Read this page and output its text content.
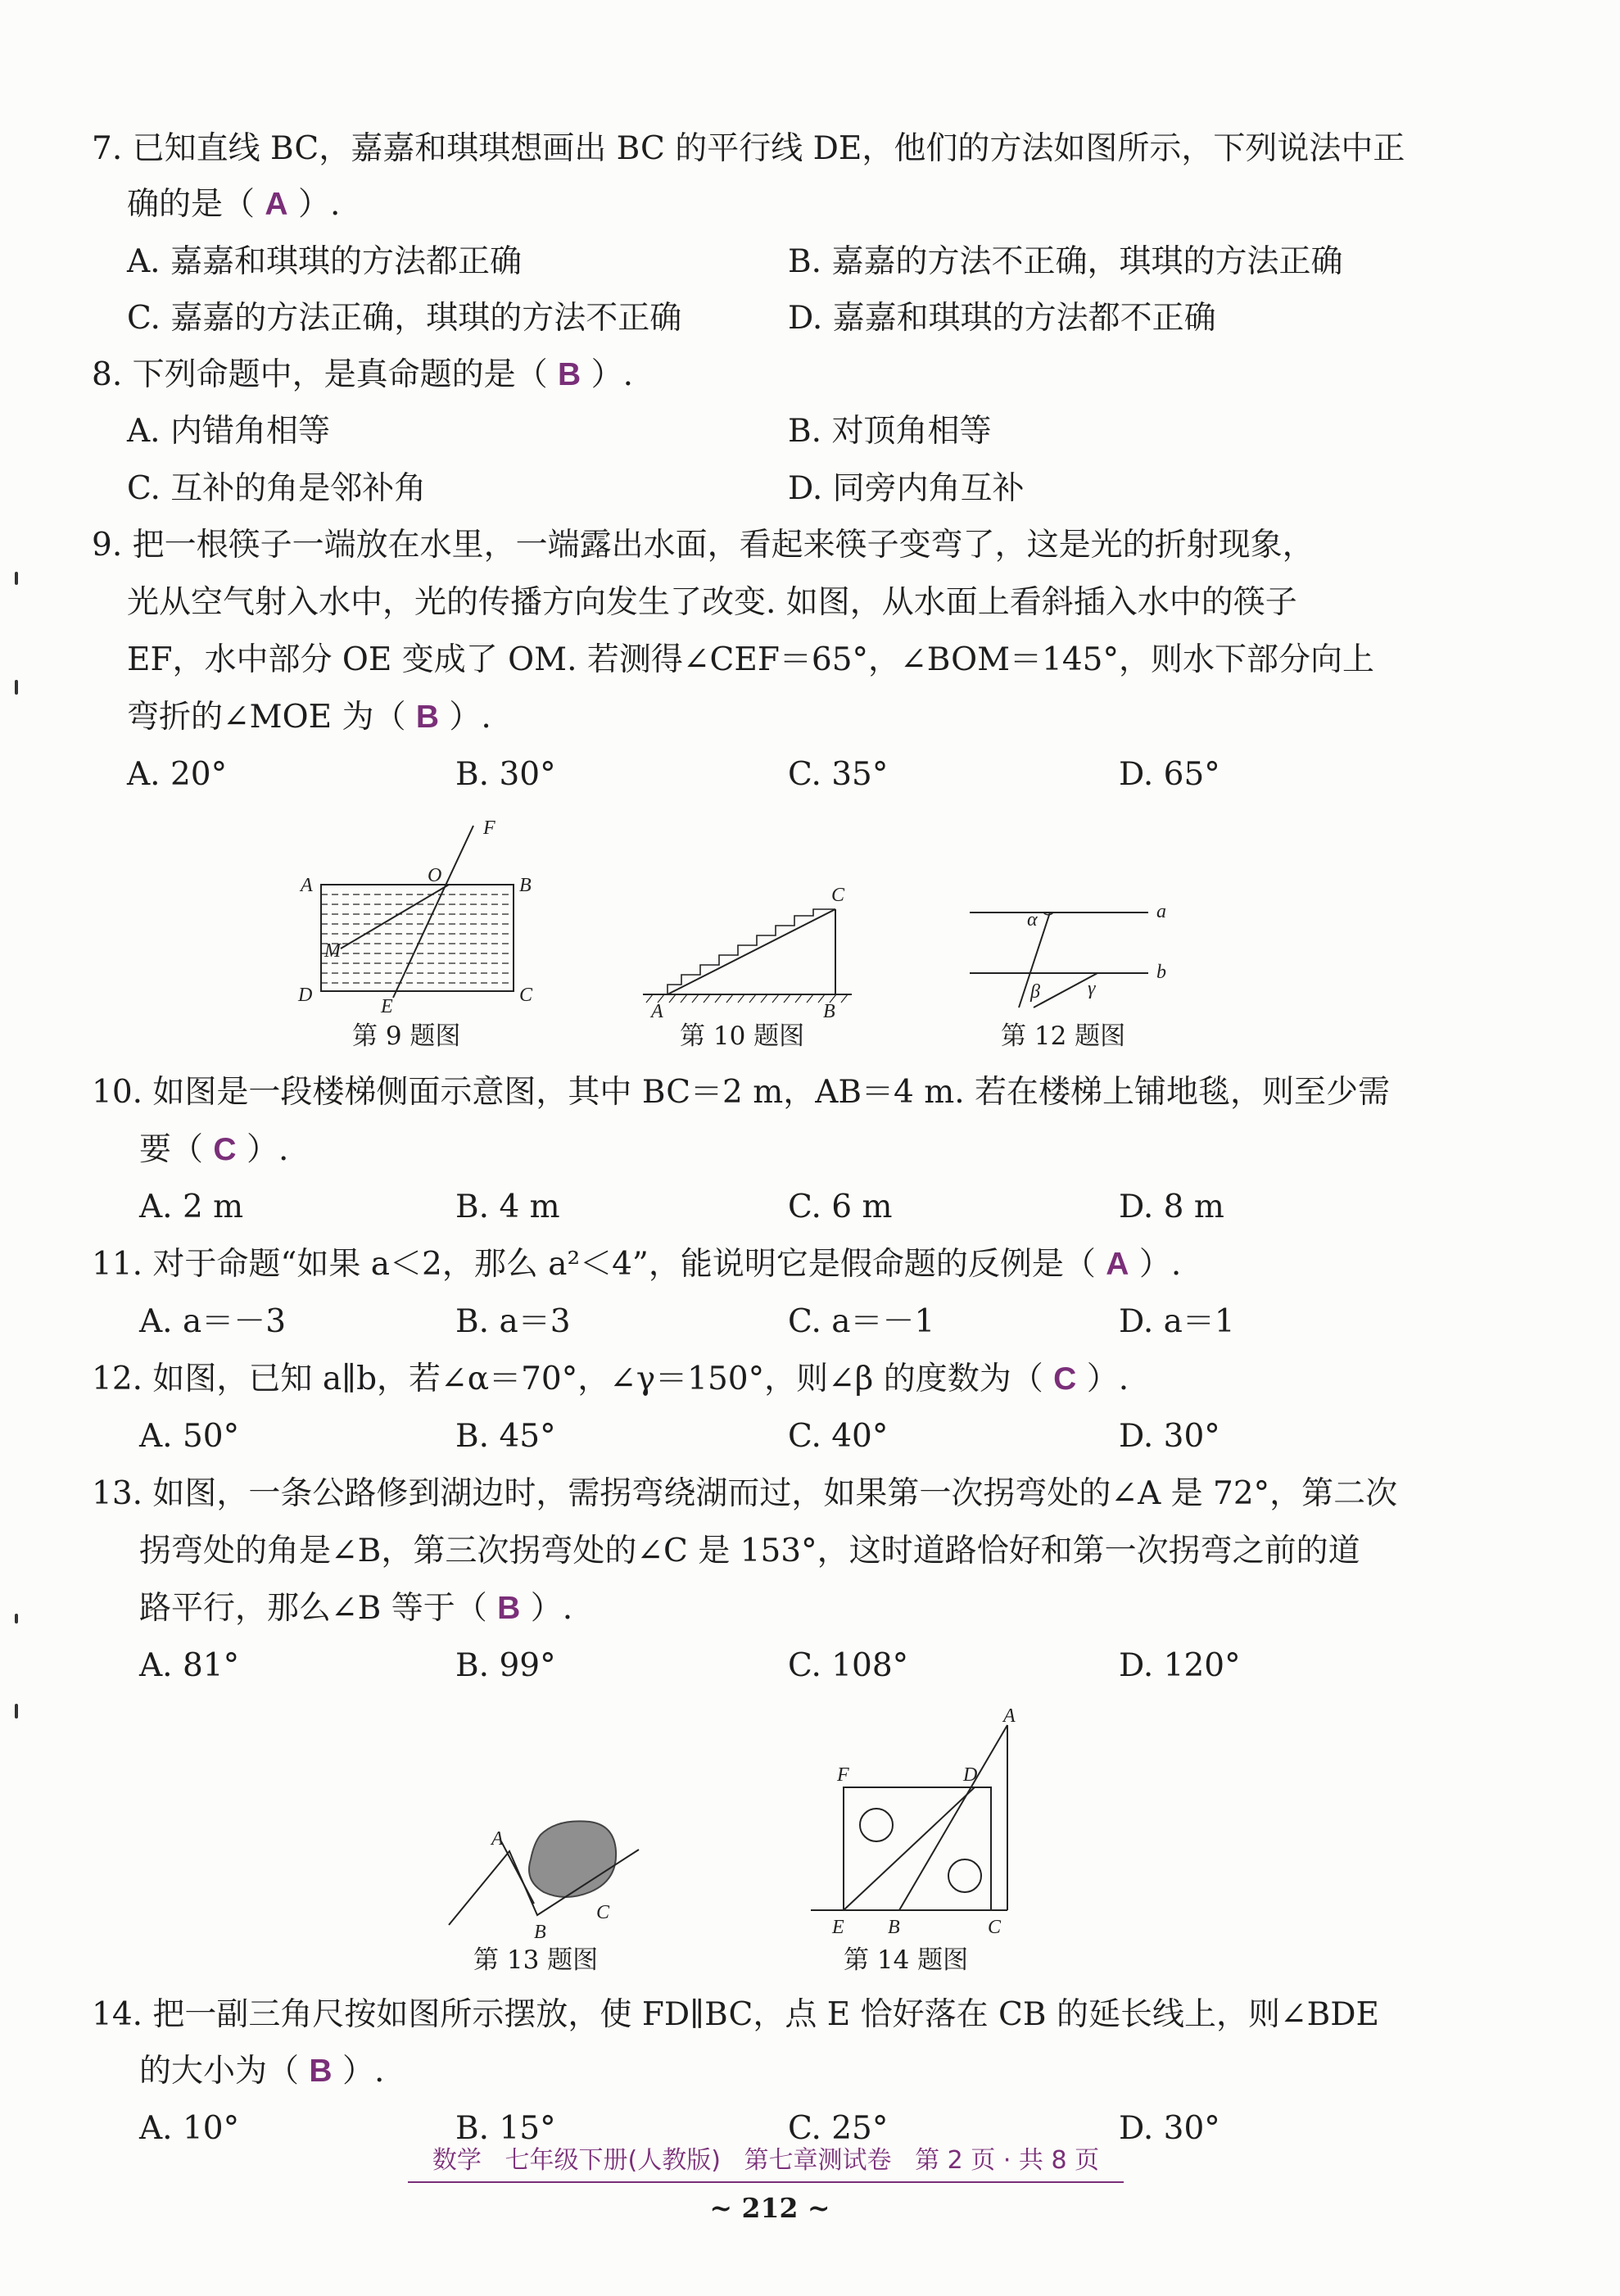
7. 已知直线 BC，嘉嘉和琪琪想画出 BC 的平行线 DE，他们的方法如图所示，下列说法中正
确的是（ A ）.
A. 嘉嘉和琪琪的方法都正确	B. 嘉嘉的方法不正确，琪琪的方法正确
C. 嘉嘉的方法正确，琪琪的方法不正确	D. 嘉嘉和琪琪的方法都不正确
8. 下列命题中，是真命题的是（ B ）.
A. 内错角相等	B. 对顶角相等
C. 互补的角是邻补角	D. 同旁内角互补
9. 把一根筷子一端放在水里，一端露出水面，看起来筷子变弯了，这是光的折射现象，
光从空气射入水中，光的传播方向发生了改变. 如图，从水面上看斜插入水中的筷子
EF，水中部分 OE 变成了 OM. 若测得∠CEF＝65°，∠BOM＝145°，则水下部分向上
弯折的∠MOE 为（ B ）.
A. 20°	B. 30°	C. 35°	D. 65°
F
A	O	B
M
D
E
C
第 9 题图
C
A	B
第 10 题图
α	a
b
β γ
第 12 题图
10. 如图是一段楼梯侧面示意图，其中 BC＝2 m，AB＝4 m. 若在楼梯上铺地毯，则至少需
要（ C ）.
A. 2 m	B. 4 m	C. 6 m	D. 8 m
11. 对于命题“如果 a＜2，那么 a²＜4”，能说明它是假命题的反例是（ A ）.
A. a＝－3	B. a＝3	C. a＝－1	D. a＝1
12. 如图，已知 a∥b，若∠α＝70°，∠γ＝150°，则∠β 的度数为（ C ）.
A. 50°	B. 45°	C. 40°	D. 30°
13. 如图，一条公路修到湖边时，需拐弯绕湖而过，如果第一次拐弯处的∠A 是 72°，第二次
拐弯处的角是∠B，第三次拐弯处的∠C 是 153°，这时道路恰好和第一次拐弯之前的道
路平行，那么∠B 等于（ B ）.
A. 81°	B. 99°	C. 108°	D. 120°
A
B
C
第 13 题图
A
F	D
E B	C
第 14 题图
14. 把一副三角尺按如图所示摆放，使 FD∥BC，点 E 恰好落在 CB 的延长线上，则∠BDE
的大小为（ B ）.
A. 10°	B. 15°	C. 25°	D. 30°
数学   七年级下册(人教版)   第七章测试卷   第 2 页 · 共 8 页
~ 212 ~
